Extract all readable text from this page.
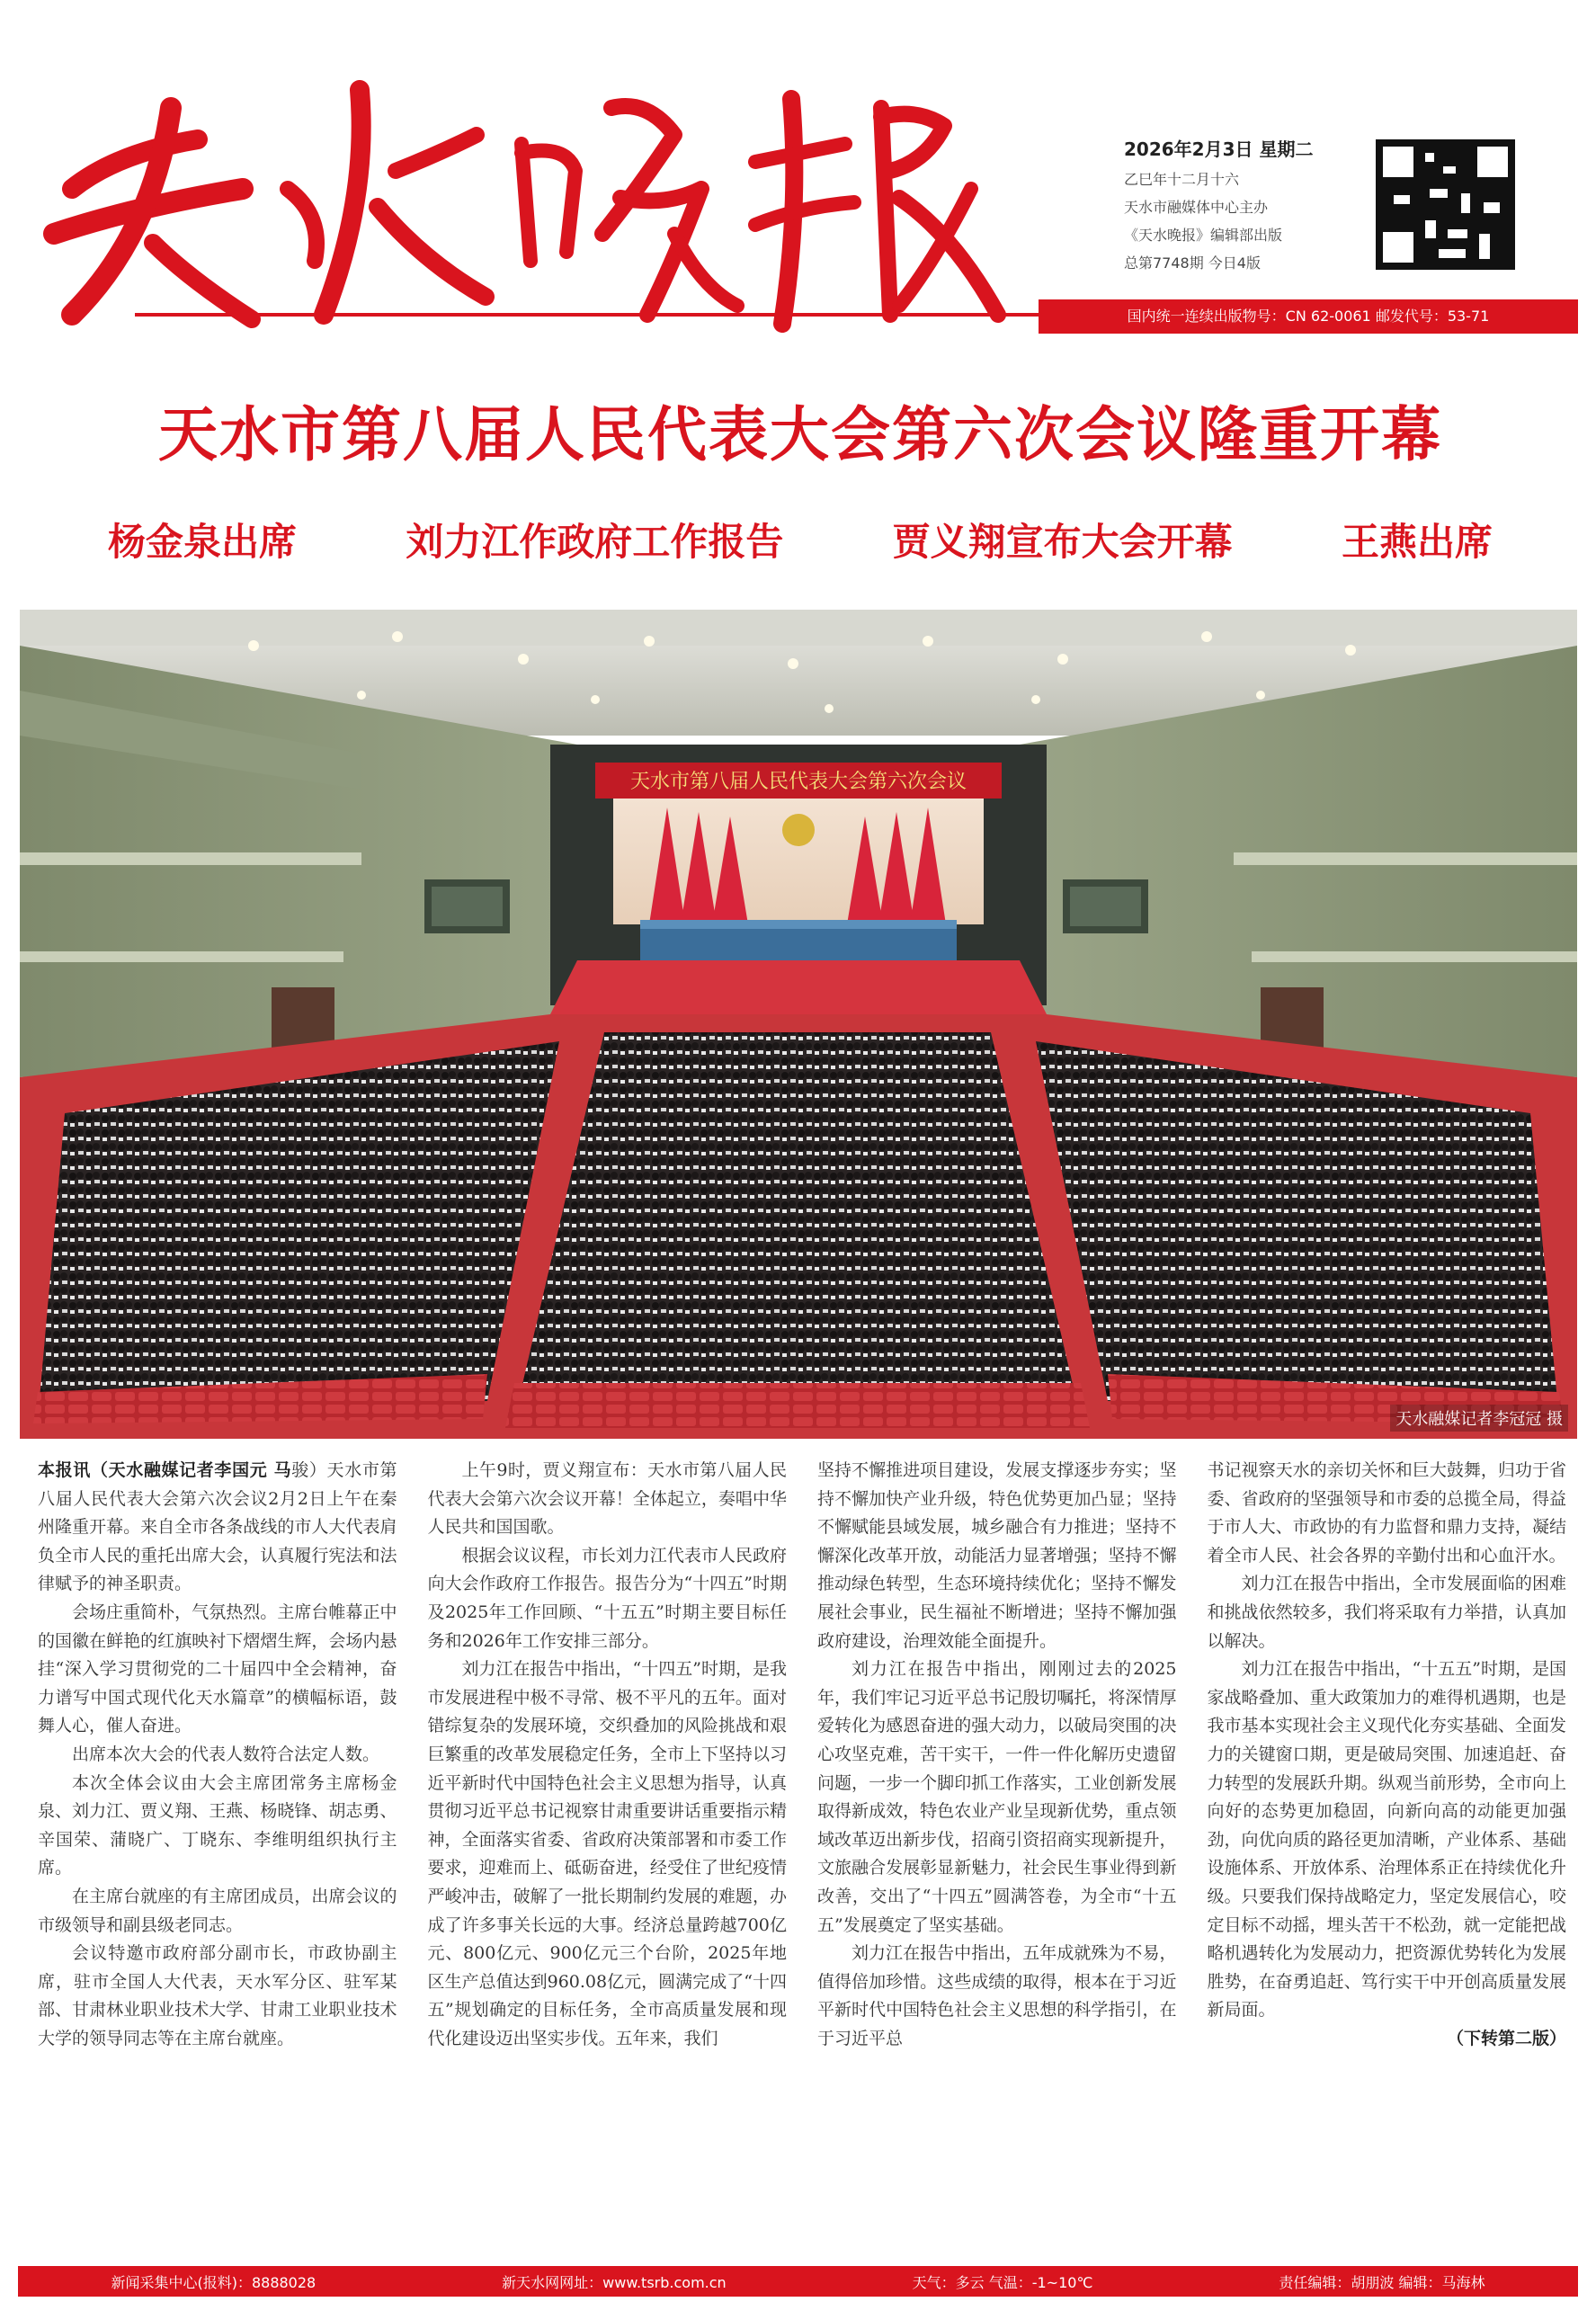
2026年2月3日 星期二
乙巳年十二月十六
天水市融媒体中心主办
《天水晚报》编辑部出版
总第7748期 今日4版
国内统一连续出版物号：CN 62-0061 邮发代号：53-71
天水市第八届人民代表大会第六次会议隆重开幕
杨金泉出席	刘力江作政府工作报告	贾义翔宣布大会开幕	王燕出席
天水市第八届人民代表大会第六次会议
天水融媒记者李冠冠 摄

本报讯（天水融媒记者李国元 马骏）天水市第八届人民代表大会第六次会议2月2日上午在秦州隆重开幕。来自全市各条战线的市人大代表肩负全市人民的重托出席大会，认真履行宪法和法律赋予的神圣职责。

会场庄重简朴，气氛热烈。主席台帷幕正中的国徽在鲜艳的红旗映衬下熠熠生辉，会场内悬挂“深入学习贯彻党的二十届四中全会精神，奋力谱写中国式现代化天水篇章”的横幅标语，鼓舞人心，催人奋进。

出席本次大会的代表人数符合法定人数。

本次全体会议由大会主席团常务主席杨金泉、刘力江、贾义翔、王燕、杨晓锋、胡志勇、辛国荣、蒲晓广、丁晓东、李维明组织执行主席。

在主席台就座的有主席团成员，出席会议的市级领导和副县级老同志。

会议特邀市政府部分副市长，市政协副主席，驻市全国人大代表，天水军分区、驻军某部、甘肃林业职业技术大学、甘肃工业职业技术大学的领导同志等在主席台就座。

上午9时，贾义翔宣布：天水市第八届人民代表大会第六次会议开幕！全体起立，奏唱中华人民共和国国歌。

根据会议议程，市长刘力江代表市人民政府向大会作政府工作报告。报告分为“十四五”时期及2025年工作回顾、“十五五”时期主要目标任务和2026年工作安排三部分。

刘力江在报告中指出，“十四五”时期，是我市发展进程中极不寻常、极不平凡的五年。面对错综复杂的发展环境，交织叠加的风险挑战和艰巨繁重的改革发展稳定任务，全市上下坚持以习近平新时代中国特色社会主义思想为指导，认真贯彻习近平总书记视察甘肃重要讲话重要指示精神，全面落实省委、省政府决策部署和市委工作要求，迎难而上、砥砺奋进，经受住了世纪疫情严峻冲击，破解了一批长期制约发展的难题，办成了许多事关长远的大事。经济总量跨越700亿元、800亿元、900亿元三个台阶，2025年地区生产总值达到960.08亿元，圆满完成了“十四五”规划确定的目标任务，全市高质量发展和现代化建设迈出坚实步伐。五年来，我们

坚持不懈推进项目建设，发展支撑逐步夯实；坚持不懈加快产业升级，特色优势更加凸显；坚持不懈赋能县域发展，城乡融合有力推进；坚持不懈深化改革开放，动能活力显著增强；坚持不懈推动绿色转型，生态环境持续优化；坚持不懈发展社会事业，民生福祉不断增进；坚持不懈加强政府建设，治理效能全面提升。

刘力江在报告中指出，刚刚过去的2025年，我们牢记习近平总书记殷切嘱托，将深情厚爱转化为感恩奋进的强大动力，以破局突围的决心攻坚克难，苦干实干，一件一件化解历史遗留问题，一步一个脚印抓工作落实，工业创新发展取得新成效，特色农业产业呈现新优势，重点领域改革迈出新步伐，招商引资招商实现新提升，文旅融合发展彰显新魅力，社会民生事业得到新改善，交出了“十四五”圆满答卷，为全市“十五五”发展奠定了坚实基础。

刘力江在报告中指出，五年成就殊为不易，值得倍加珍惜。这些成绩的取得，根本在于习近平新时代中国特色社会主义思想的科学指引，在于习近平总

书记视察天水的亲切关怀和巨大鼓舞，归功于省委、省政府的坚强领导和市委的总揽全局，得益于市人大、市政协的有力监督和鼎力支持，凝结着全市人民、社会各界的辛勤付出和心血汗水。

刘力江在报告中指出，全市发展面临的困难和挑战依然较多，我们将采取有力举措，认真加以解决。

刘力江在报告中指出，“十五五”时期，是国家战略叠加、重大政策加力的难得机遇期，也是我市基本实现社会主义现代化夯实基础、全面发力的关键窗口期，更是破局突围、加速追赶、奋力转型的发展跃升期。纵观当前形势，全市向上向好的态势更加稳固，向新向高的动能更加强劲，向优向质的路径更加清晰，产业体系、基础设施体系、开放体系、治理体系正在持续优化升级。只要我们保持战略定力，坚定发展信心，咬定目标不动摇，埋头苦干不松劲，就一定能把战略机遇转化为发展动力，把资源优势转化为发展胜势，在奋勇追赶、笃行实干中开创高质量发展新局面。

（下转第二版）

新闻采集中心(报料)：8888028	新天水网网址：www.tsrb.com.cn	天气：多云 气温：-1~10℃	责任编辑：胡朋波 编辑：马海林
